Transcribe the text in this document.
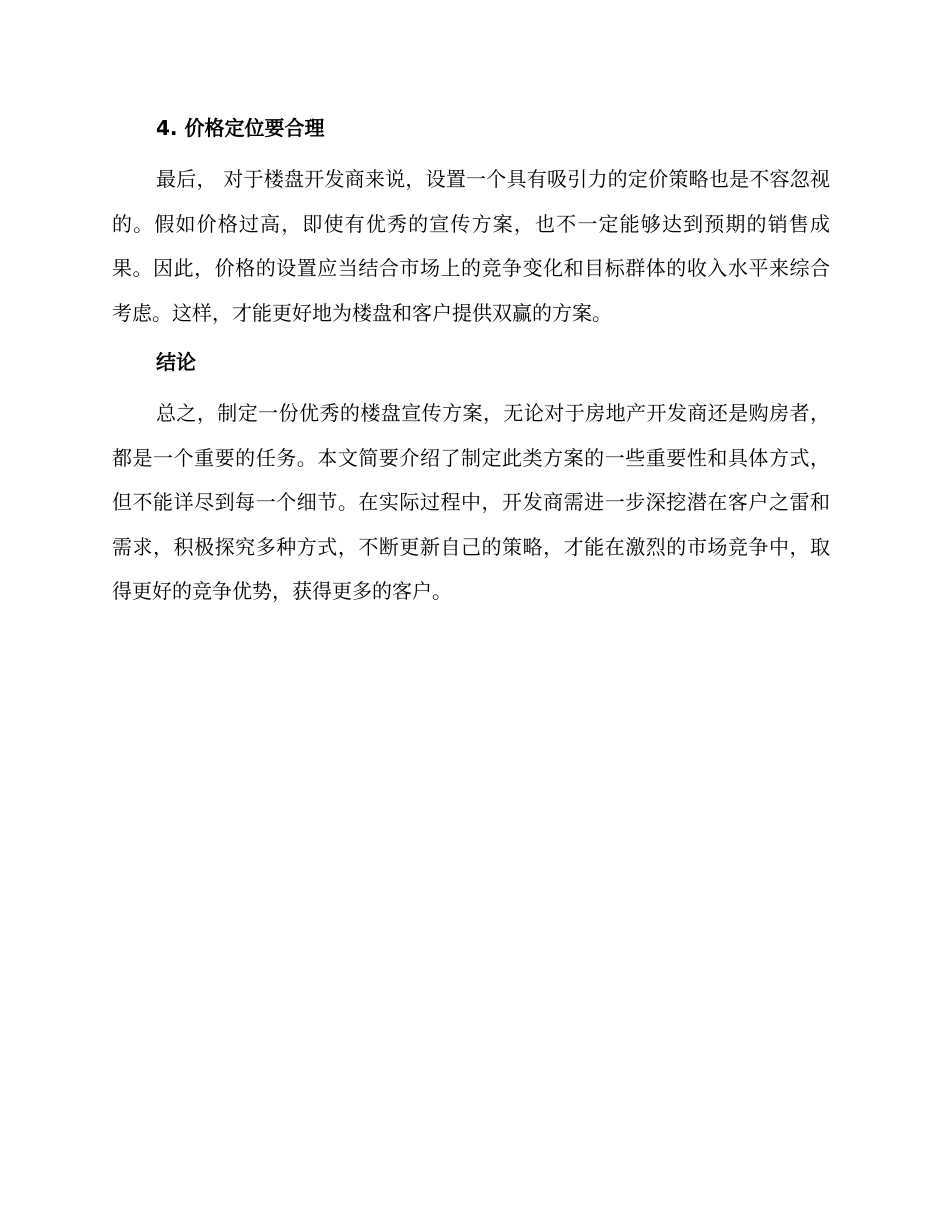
4. 价格定位要合理

最后， 对于楼盘开发商来说，设置一个具有吸引力的定价策略也是不容忽视的。假如价格过高，即使有优秀的宣传方案，也不一定能够达到预期的销售成果。因此，价格的设置应当结合市场上的竞争变化和目标群体的收入水平来综合考虑。这样，才能更好地为楼盘和客户提供双赢的方案。

结论

总之，制定一份优秀的楼盘宣传方案，无论对于房地产开发商还是购房者，都是一个重要的任务。本文简要介绍了制定此类方案的一些重要性和具体方式，但不能详尽到每一个细节。在实际过程中，开发商需进一步深挖潜在客户之雷和需求，积极探究多种方式，不断更新自己的策略，才能在激烈的市场竞争中，取得更好的竞争优势，获得更多的客户。
